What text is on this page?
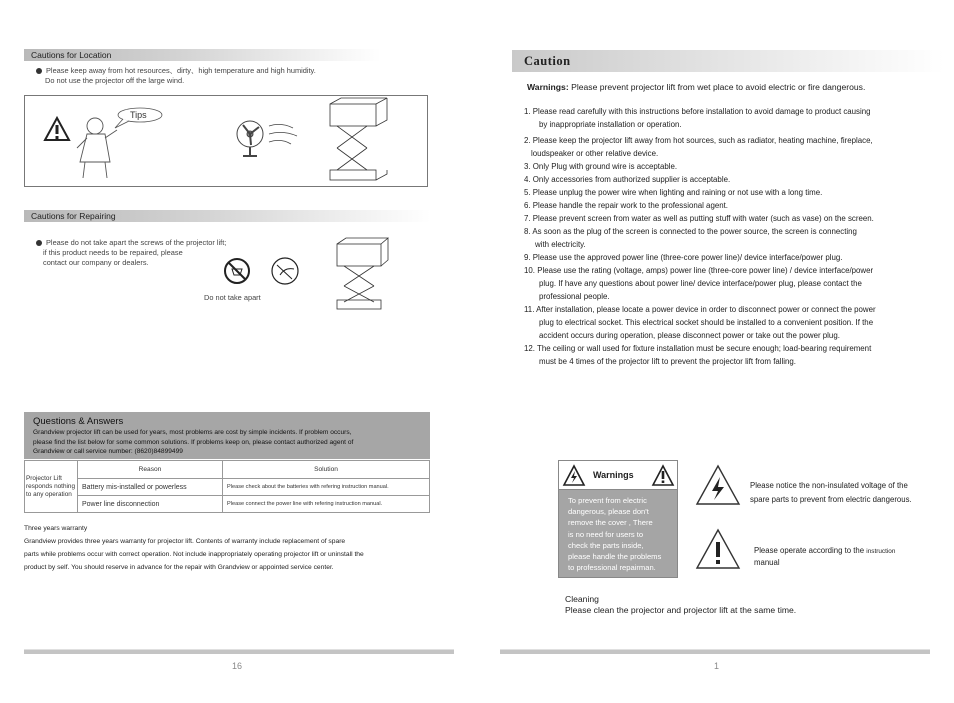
Cautions for Location
Please keep away from hot resources、dirty、high temperature and high humidity.
Do not use the projector off the large wind.
Tips
Cautions for Repairing
Please do not take apart the screws of the projector lift;
if this product needs to be repaired, please
contact our company or dealers.
Do not take apart
Questions & Answers
Grandview projector lift can be used for years, most problems are cost by simple incidents. If problem occurs,
please find the list below for some common solutions. If problems keep on, please contact authorized agent of
Grandview or call service number: (8620)84899499
Projector Lift
responds nothing
to any operation	Reason	Solution
	Battery mis-installed or powerless	Please check about the batteries with refering instruction manual.
	Power line disconnection	Please connect the power line with refering instruction manual.
Three years warranty
Grandview provides three years warranty for projector lift. Contents of warranty include replacement of spare
parts while problems occur with correct operation. Not include inappropriately operating projector lift or uninstall the
product by self. You should reserve in advance for the repair with Grandview or appointed service center.
16
Caution
Warnings: Please prevent projector lift from wet place to avoid electric or fire dangerous.
1. Please read carefully with this instructions before installation to avoid damage to product causing
by inappropriate installation or operation.
2. Please keep the projector lift away from hot sources, such as radiator, heating machine, fireplace,
loudspeaker or other relative device.
3. Only Plug with ground wire is acceptable.
4. Only accessories from authorized supplier is acceptable.
5. Please unplug the power wire when lighting and raining or not use with a long time.
6. Please handle the repair work to the professional agent.
7. Please prevent screen from water as well as putting stuff with water (such as vase) on the screen.
8. As soon as the plug of the screen is connected to the power source, the screen is connecting
with electricity.
9. Please use the approved power line (three-core power line)/ device interface/power plug.
10. Please use the rating (voltage, amps) power line (three-core power line) / device interface/power
plug. If have any questions about power line/ device interface/power plug, please contact the
professional people.
11. After installation, please locate a power device in order to disconnect power or connect the power
plug to electrical socket. This electrical socket should be installed to a convenient position. If the
accident occurs during operation, please disconnect power or take out the power plug.
12. The ceiling or wall used for fixture installation must be secure enough; load-bearing requirement
must be 4 times of the projector lift to prevent the projector lift from falling.
Warnings
To prevent from electric
dangerous, please don't
remove the cover , There
is no need for users to
check the parts inside,
please handle the problems
to professional repairman.
Please notice the non-insulated voltage of the
spare parts to prevent from electric dangerous.
Please operate according to the instruction
manual
Cleaning
Please clean the projector and projector lift at the same time.
1
